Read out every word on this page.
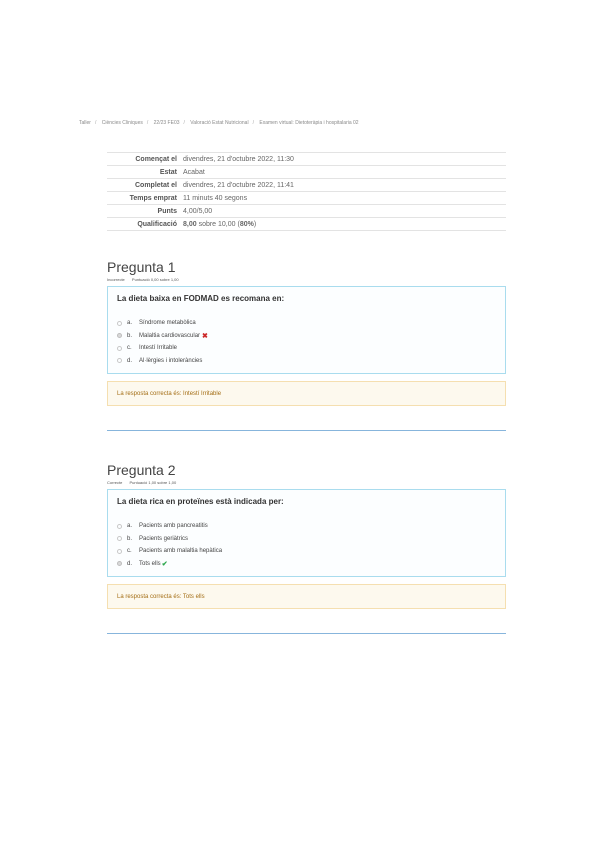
Taller / Ciències Cliniques / 22/23 FE03 / Valoració Estat Nutricional / Examen virtual: Dietoteràpia i hospitalaria 02
Començat el	divendres, 21 d'octubre 2022, 11:30
Estat	Acabat
Completat el	divendres, 21 d'octubre 2022, 11:41
Temps emprat	11 minuts 40 segons
Punts	4,00/5,00
Qualificació	8,00 sobre 10,00 (80%)
Pregunta 1
Incorrecte Puntuació 0,00 sobre 1,00
La dieta baixa en FODMAD es recomana en:
a.	Síndrome metabòlica
b.	Malaltia cardiovascular ✖
c.	Intestí Irritable
d.	Al·lèrgies i intoleràncies
La resposta correcta és: Intestí Irritable
Pregunta 2
Correcte Puntuació 1,00 sobre 1,00
La dieta rica en proteïnes està indicada per:
a.	Pacients amb pancreatitis
b.	Pacients geriàtrics
c.	Pacients amb malaltia hepàtica
d.	Tots ells ✔
La resposta correcta és: Tots ells
